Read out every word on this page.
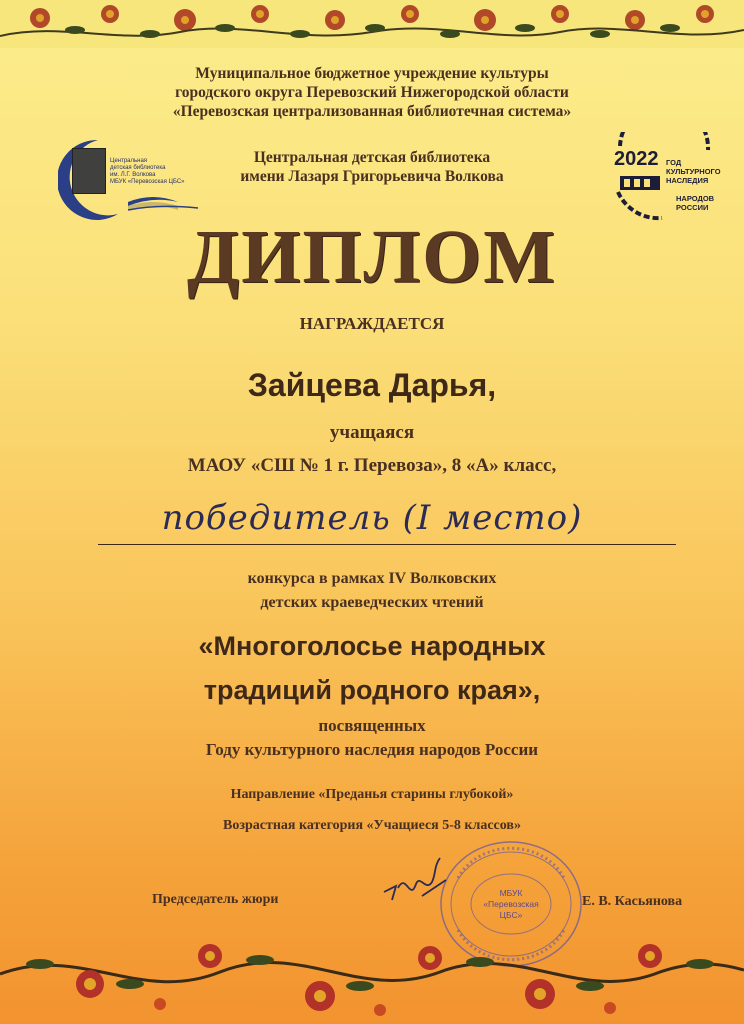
Муниципальное бюджетное учреждение культуры
городского округа Перевозский Нижегородской области
«Перевозская централизованная библиотечная система»
Центральная детская библиотека
имени Лазаря Григорьевича Волкова
Центральная
детская библиотека
им. Л.Г. Волкова
МБУК «Перевозская ЦБС»
2022 ГОД
КУЛЬТУРНОГО
НАСЛЕДИЯ
НАРОДОВ
РОССИИ
ДИПЛОМ
НАГРАЖДАЕТСЯ
Зайцева Дарья,
учащаяся
МАОУ «СШ № 1 г. Перевоза», 8 «А» класс,
победитель (I место)
конкурса в рамках IV Волковских
детских краеведческих чтений
«Многоголосье народных
традиций родного края»,
посвященных
Году культурного наследия народов России
Направление «Преданья старины глубокой»
Возрастная категория «Учащиеся 5-8 классов»
МБУК
«Перевозская
ЦБС»
Председатель жюри	Е. В. Касьянова
